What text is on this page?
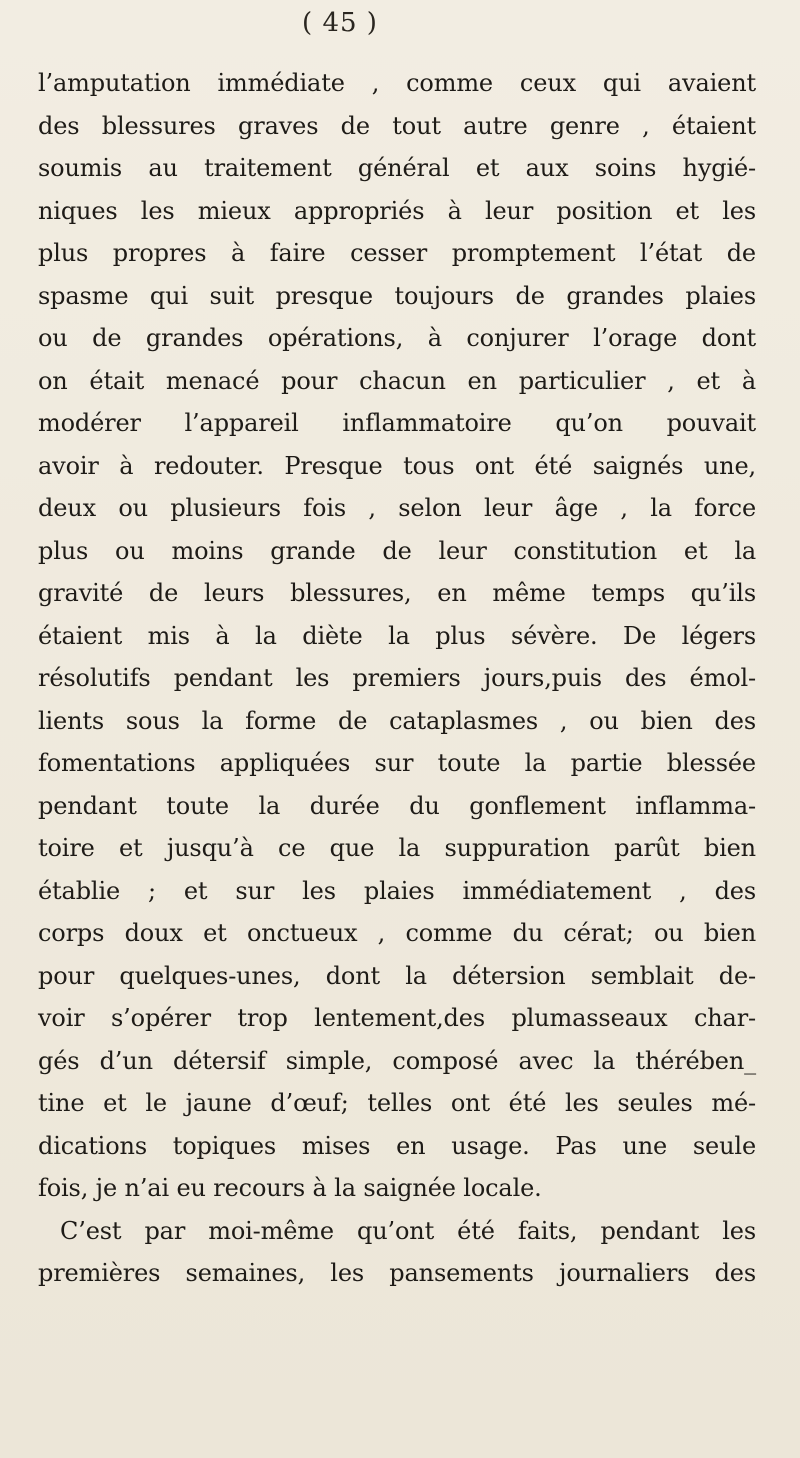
( 45 )
l’amputation immédiate , comme ceux qui avaient
des blessures graves de tout autre genre , étaient
soumis au traitement général et aux soins hygié-
niques les mieux appropriés à leur position et les
plus propres à faire cesser promptement l’état de
spasme qui suit presque toujours de grandes plaies
ou de grandes opérations, à conjurer l’orage dont
on était menacé pour chacun en particulier , et à
modérer l’appareil inflammatoire qu’on pouvait
avoir à redouter. Presque tous ont été saignés une,
deux ou plusieurs fois , selon leur âge , la force
plus ou moins grande de leur constitution et la
gravité de leurs blessures, en même temps qu’ils
étaient mis à la diète la plus sévère. De légers
résolutifs pendant les premiers jours,puis des émol-
lients sous la forme de cataplasmes , ou bien des
fomentations appliquées sur toute la partie blessée
pendant toute la durée du gonflement inflamma-
toire et jusqu’à ce que la suppuration parût bien
établie ; et sur les plaies immédiatement , des
corps doux et onctueux , comme du cérat; ou bien
pour quelques-unes, dont la détersion semblait de-
voir s’opérer trop lentement,des plumasseaux char-
gés d’un détersif simple, composé avec la thérében_
tine et le jaune d’œuf; telles ont été les seules mé-
dications topiques mises en usage. Pas une seule
fois, je n’ai eu recours à la saignée locale.
C’est par moi-même qu’ont été faits, pendant les
premières semaines, les pansements journaliers des
